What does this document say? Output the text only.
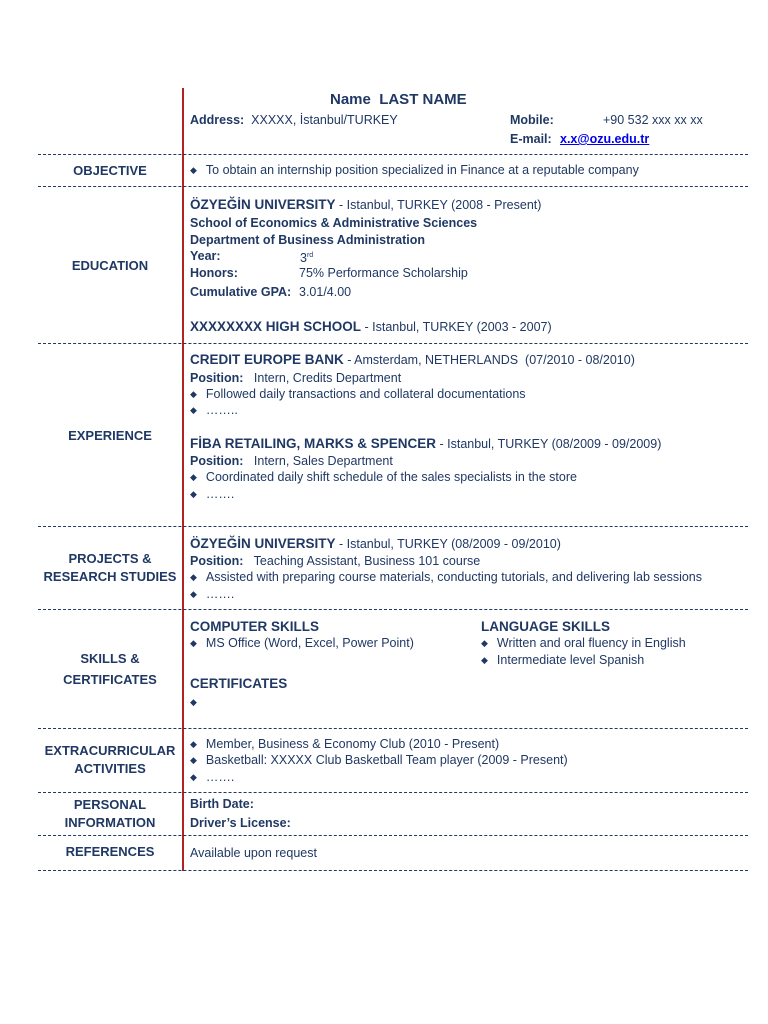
Name  LAST NAME
Address: XXXXX, İstanbul/TURKEY	Mobile:	+90 532 xxx xx xx
E-mail: x.x@ozu.edu.tr
OBJECTIVE
◆	To obtain an internship position specialized in Finance at a reputable company
EDUCATION
ÖZYEĞİN UNIVERSITY - Istanbul, TURKEY (2008 - Present)
School of Economics & Administrative Sciences
Department of Business Administration
Year:	3rd
Honors:	75% Performance Scholarship
Cumulative GPA: 3.01/4.00
XXXXXXXX HIGH SCHOOL - Istanbul, TURKEY (2003 - 2007)
EXPERIENCE
CREDIT EUROPE BANK - Amsterdam, NETHERLANDS  (07/2010 - 08/2010)
Position: Intern, Credits Department
◆ Followed daily transactions and collateral documentations
◆ ……..
FİBA RETAILING, MARKS & SPENCER - Istanbul, TURKEY (08/2009 - 09/2009)
Position: Intern, Sales Department
◆ Coordinated daily shift schedule of the sales specialists in the store
◆ …….
PROJECTS &
RESEARCH STUDIES
ÖZYEĞİN UNIVERSITY - Istanbul, TURKEY (08/2009 - 09/2010)
Position: Teaching Assistant, Business 101 course
◆ Assisted with preparing course materials, conducting tutorials, and delivering lab sessions
◆ …….
SKILLS &
CERTIFICATES
COMPUTER SKILLS
◆ MS Office (Word, Excel, Power Point)
LANGUAGE SKILLS
◆ Written and oral fluency in English
◆ Intermediate level Spanish
CERTIFICATES
◆
EXTRACURRICULAR
ACTIVITIES
◆ Member, Business & Economy Club (2010 - Present)
◆ Basketball: XXXXX Club Basketball Team player (2009 - Present)
◆ …….
PERSONAL
INFORMATION
Birth Date:
Driver’s License:
REFERENCES	Available upon request
